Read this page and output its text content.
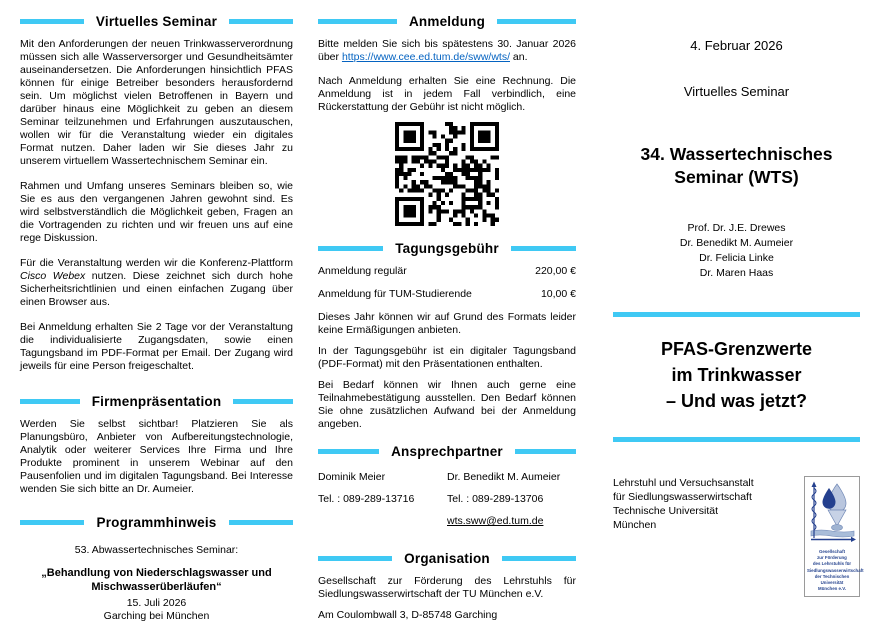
Virtuelles Seminar

Mit den Anforderungen der neuen Trinkwasserverordnung müssen sich alle Wasserversorger und Gesundheitsämter auseinandersetzen. Die Anforderungen hinsichtlich PFAS können für einige Betreiber besonders herausfordernd sein. Um möglichst vielen Betroffenen in Bayern und darüber hinaus eine Möglichkeit zu geben an diesem Seminar teilzunehmen und Erfahrungen auszutauschen, wollen wir für die Veranstaltung wieder ein digitales Format nutzen. Daher laden wir Sie dieses Jahr zu unserem virtuellem Wassertechnischem Seminar ein.

Rahmen und Umfang unseres Seminars bleiben so, wie Sie es aus den vergangenen Jahren gewohnt sind. Es wird selbstverständlich die Möglichkeit geben, Fragen an die Vortragenden zu richten und wir freuen uns auf eine rege Diskussion.

Für die Veranstaltung werden wir die Konferenz-Plattform Cisco Webex nutzen. Diese zeichnet sich durch hohe Sicherheitsrichtlinien und einen einfachen Zugang über einen Browser aus.

Bei Anmeldung erhalten Sie 2 Tage vor der Veranstaltung die individualisierte Zugangsdaten, sowie einen Tagungsband im PDF-Format per Email. Der Zugang wird jeweils für eine Person freigeschaltet.

Firmenpräsentation

Werden Sie selbst sichtbar! Platzieren Sie als Planungsbüro, Anbieter von Aufbereitungstechnologie, Analytik oder weiterer Services Ihre Firma und Ihre Produkte prominent in unserem Webinar auf den Pausenfolien und im digitalen Tagungsband. Bei Interesse wenden Sie sich bitte an Dr. Aumeier.

Programmhinweis

53. Abwassertechnisches Seminar:

„Behandlung von Niederschlagswasser und Mischwasserüberläufen“

15. Juli 2026

Garching bei München

Anmeldung

Bitte melden Sie sich bis spätestens 30. Januar 2026 über https://www.cee.ed.tum.de/sww/wts/ an.

Nach Anmeldung erhalten Sie eine Rechnung. Die Anmeldung ist in jedem Fall verbindlich, eine Rückerstattung der Gebühr ist nicht möglich.

Tagungsgebühr
Anmeldung regulär	220,00 €
Anmeldung für TUM-Studierende	10,00 €

Dieses Jahr können wir auf Grund des Formats leider keine Ermäßigungen anbieten.

In der Tagungsgebühr ist ein digitaler Tagungsband (PDF-Format) mit den Präsentationen enthalten.

Bei Bedarf können wir Ihnen auch gerne eine Teilnahmebestätigung ausstellen. Den Bedarf können Sie ohne zusätzlichen Aufwand bei der Anmeldung angeben.

Ansprechpartner
Dominik Meier
Tel. : 089-289-13716
Dr. Benedikt M. Aumeier
Tel. : 089-289-13706
wts.sww@ed.tum.de
Organisation

Gesellschaft zur Förderung des Lehrstuhls für Siedlungswasserwirtschaft der TU München e.V.

Am Coulombwall 3, D-85748 Garching

4. Februar 2026
Virtuelles Seminar
34. Wassertechnisches
Seminar (WTS)
Prof. Dr. J.E. Drewes
Dr. Benedikt M. Aumeier
Dr. Felicia Linke
Dr. Maren Haas
PFAS-Grenzwerte
im Trinkwasser
– Und was jetzt?
Lehrstuhl und Versuchsanstalt
für Siedlungswasserwirtschaft
Technische Universität
München
Gesellschaft
zur Förderung
des Lehrstuhls für
Siedlungswasserwirtschaft
der Technischen Universität
München e.V.
